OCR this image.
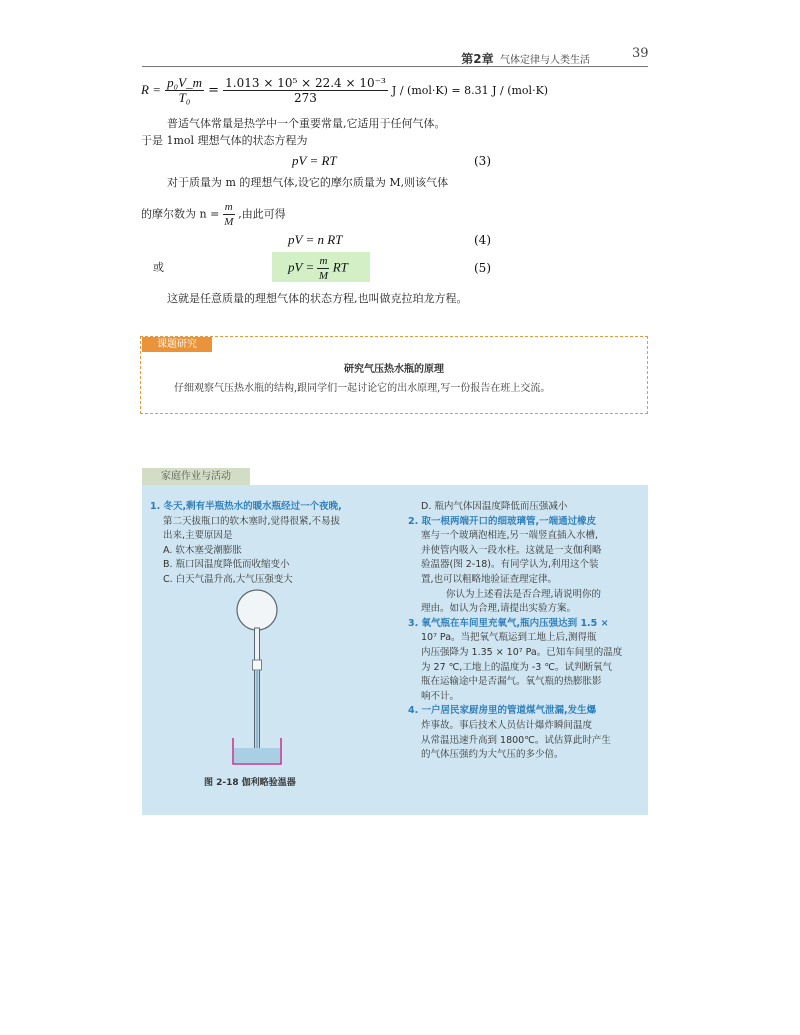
第2章 气体定律与人类生活	39
$R = \frac{\text{p₀V\_m}}{\text{T₀}} = \frac{\text{1.013 × 10⁵ × 22.4 × 10⁻³}}{273}$ J / (mol·K) = 8.31 J / (mol·K)
普适气体常量是热学中一个重要常量,它适用于任何气体。
于是 1mol 理想气体的状态方程为
pV = RT	(3)
对于质量为 m 的理想气体,设它的摩尔质量为 M,则该气体
的摩尔数为 $n = \frac{m}{M}$ ,由此可得
pV = n RT	(4)
或	pV = $\frac{m}{M}$ RT	(5)
这就是任意质量的理想气体的状态方程,也叫做克拉珀龙方程。
课题研究
研究气压热水瓶的原理
仔细观察气压热水瓶的结构,跟同学们一起讨论它的出水原理,写一份报告在班上交流。
家庭作业与活动
1. 冬天,剩有半瓶热水的暖水瓶经过一个夜晚,
第二天拔瓶口的软木塞时,觉得很紧,不易拔
出来,主要原因是
A. 软木塞受潮膨胀
B. 瓶口因温度降低而收缩变小
C. 白天气温升高,大气压强变大
图 2-18 伽利略验温器
D. 瓶内气体因温度降低而压强减小
2. 取一根两端开口的细玻璃管,一端通过橡皮
塞与一个玻璃泡相连,另一端竖直插入水槽,
并使管内吸入一段水柱。这就是一支伽利略
验温器(图 2-18)。有同学认为,利用这个装
置,也可以粗略地验证查理定律。
你认为上述看法是否合理,请说明你的
理由。如认为合理,请提出实验方案。
3. 氧气瓶在车间里充氧气,瓶内压强达到 1.5 ×
10⁷ Pa。当把氧气瓶运到工地上后,测得瓶
内压强降为 1.35 × 10⁷ Pa。已知车间里的温度
为 27 ℃,工地上的温度为 -3 ℃。试判断氧气
瓶在运输途中是否漏气。氧气瓶的热膨胀影
响不计。
4. 一户居民家厨房里的管道煤气泄漏,发生爆
炸事故。事后技术人员估计爆炸瞬间温度
从常温迅速升高到 1800℃。试估算此时产生
的气体压强约为大气压的多少倍。
